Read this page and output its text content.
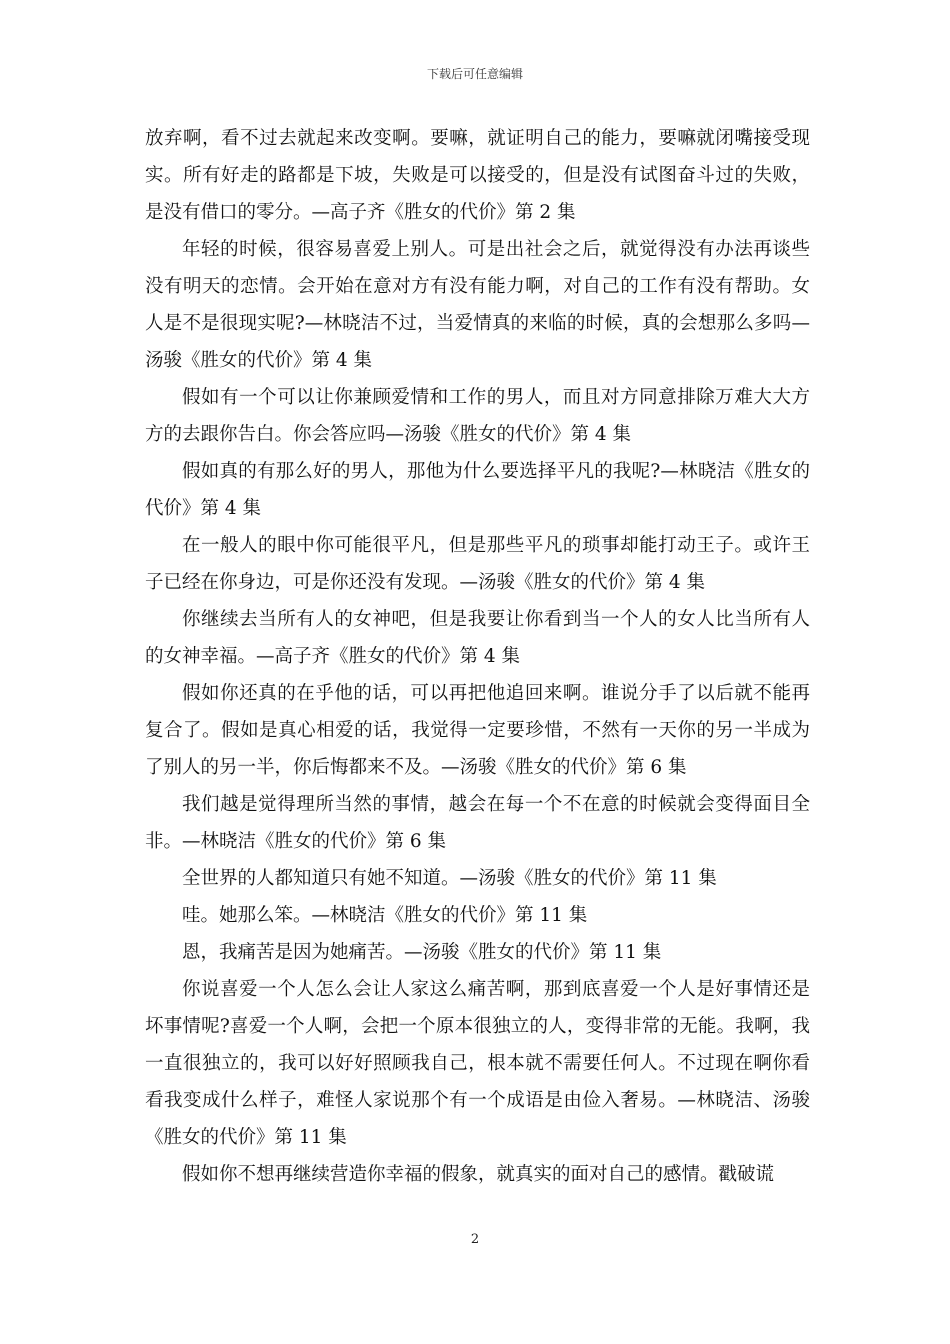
下载后可任意编辑

放弃啊，看不过去就起来改变啊。要嘛，就证明自己的能力，要嘛就闭嘴接受现实。所有好走的路都是下坡，失败是可以接受的，但是没有试图奋斗过的失败，是没有借口的零分。—高子齐《胜女的代价》第 2 集

年轻的时候，很容易喜爱上别人。可是出社会之后，就觉得没有办法再谈些没有明天的恋情。会开始在意对方有没有能力啊，对自己的工作有没有帮助。女人是不是很现实呢?—林晓洁不过，当爱情真的来临的时候，真的会想那么多吗—汤骏《胜女的代价》第 4 集

假如有一个可以让你兼顾爱情和工作的男人，而且对方同意排除万难大大方方的去跟你告白。你会答应吗—汤骏《胜女的代价》第 4 集

假如真的有那么好的男人，那他为什么要选择平凡的我呢?—林晓洁《胜女的代价》第 4 集

在一般人的眼中你可能很平凡，但是那些平凡的琐事却能打动王子。或许王子已经在你身边，可是你还没有发现。—汤骏《胜女的代价》第 4 集

你继续去当所有人的女神吧，但是我要让你看到当一个人的女人比当所有人的女神幸福。—高子齐《胜女的代价》第 4 集

假如你还真的在乎他的话，可以再把他追回来啊。谁说分手了以后就不能再复合了。假如是真心相爱的话，我觉得一定要珍惜，不然有一天你的另一半成为了别人的另一半，你后悔都来不及。—汤骏《胜女的代价》第 6 集

我们越是觉得理所当然的事情，越会在每一个不在意的时候就会变得面目全非。—林晓洁《胜女的代价》第 6 集

全世界的人都知道只有她不知道。—汤骏《胜女的代价》第 11 集

哇。她那么笨。—林晓洁《胜女的代价》第 11 集

恩，我痛苦是因为她痛苦。—汤骏《胜女的代价》第 11 集

你说喜爱一个人怎么会让人家这么痛苦啊，那到底喜爱一个人是好事情还是坏事情呢?喜爱一个人啊，会把一个原本很独立的人，变得非常的无能。我啊，我一直很独立的，我可以好好照顾我自己，根本就不需要任何人。不过现在啊你看看我变成什么样子，难怪人家说那个有一个成语是由俭入奢易。—林晓洁、汤骏《胜女的代价》第 11 集

假如你不想再继续营造你幸福的假象，就真实的面对自己的感情。戳破谎

2
